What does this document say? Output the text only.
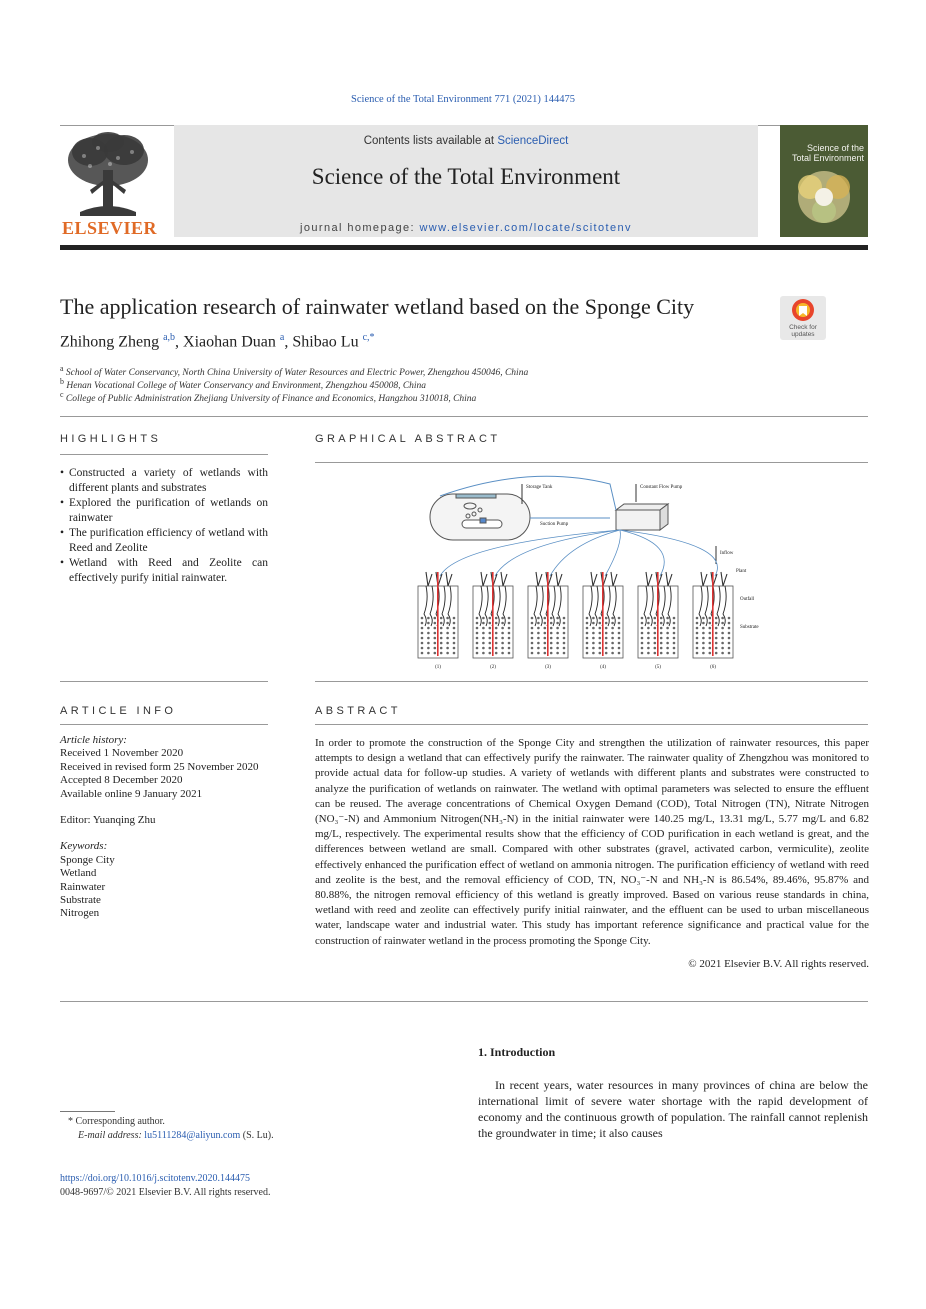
Science of the Total Environment 771 (2021) 144475
ELSEVIER
Contents lists available at ScienceDirect
Science of the Total Environment
journal homepage: www.elsevier.com/locate/scitotenv
Science of the Total Environment
The application research of rainwater wetland based on the Sponge City
Check for updates
Zhihong Zheng $^{a,b}$, Xiaohan Duan $^a$, Shibao Lu $^{c,*}$
$^a$ School of Water Conservancy, North China University of Water Resources and Electric Power, Zhengzhou 450046, China
$^b$ Henan Vocational College of Water Conservancy and Environment, Zhengzhou 450008, China
$^c$ College of Public Administration Zhejiang University of Finance and Economics, Hangzhou 310018, China
HIGHLIGHTS
• Constructed a variety of wetlands with different plants and substrates
• Explored the purification of wetlands on rainwater
• The purification efficiency of wetland with Reed and Zeolite
• Wetland with Reed and Zeolite can effectively purify initial rainwater.
GRAPHICAL ABSTRACT
Storage Tank	Constant Flow Pump
Suction Pump
Inflow
Plant
Outfall
Substrate
(1)	(2)	(3)	(4)	(5)	(6)
ARTICLE INFO
Article history:
Received 1 November 2020
Received in revised form 25 November 2020
Accepted 8 December 2020
Available online 9 January 2021
Editor: Yuanqing Zhu
Keywords:
Sponge City
Wetland
Rainwater
Substrate
Nitrogen
ABSTRACT
In order to promote the construction of the Sponge City and strengthen the utilization of rainwater resources, this paper attempts to design a wetland that can effectively purify the rainwater. The rainwater quality of Zhengzhou was monitored to provide actual data for follow-up studies. A variety of wetlands with different plants and substrates were constructed to analyze the purification of wetlands on rainwater. The wetland with optimal parameters was selected to ensure the effluent can be reused. The average concentrations of Chemical Oxygen Demand (COD), Total Nitrogen (TN), Nitrate Nitrogen (NO₃⁻-N) and Ammonium Nitrogen(NH₃-N) in the initial rainwater were 140.25 mg/L, 13.31 mg/L, 5.77 mg/L and 6.82 mg/L, respectively. The experimental results show that the efficiency of COD purification in each wetland is great, and the differences between wetland are small. Compared with other substrates (gravel, activated carbon, vermiculite), zeolite effectively enhanced the purification effect of wetland on ammonia nitrogen. The purification efficiency of wetland with reed and zeolite is the best, and the removal efficiency of COD, TN, NO₃⁻-N and NH₃-N is 86.54%, 89.46%, 95.87% and 80.88%, the nitrogen removal efficiency of this wetland is greatly improved. Based on various reuse standards in china, wetland with reed and zeolite can effectively purify initial rainwater, and the effluent can be used to urban miscellaneous water, landscape water and industrial water. This study has important reference significance and practical value for the construction of rainwater wetland in the process promoting the Sponge City.
© 2021 Elsevier B.V. All rights reserved.
1. Introduction
In recent years, water resources in many provinces of china are below the international limit of severe water shortage with the rapid development of economy and the continuous growth of population. The rainfall cannot replenish the groundwater in time; it also causes
* Corresponding author.
E-mail address: lu5111284@aliyun.com (S. Lu).
https://doi.org/10.1016/j.scitotenv.2020.144475
0048-9697/© 2021 Elsevier B.V. All rights reserved.
